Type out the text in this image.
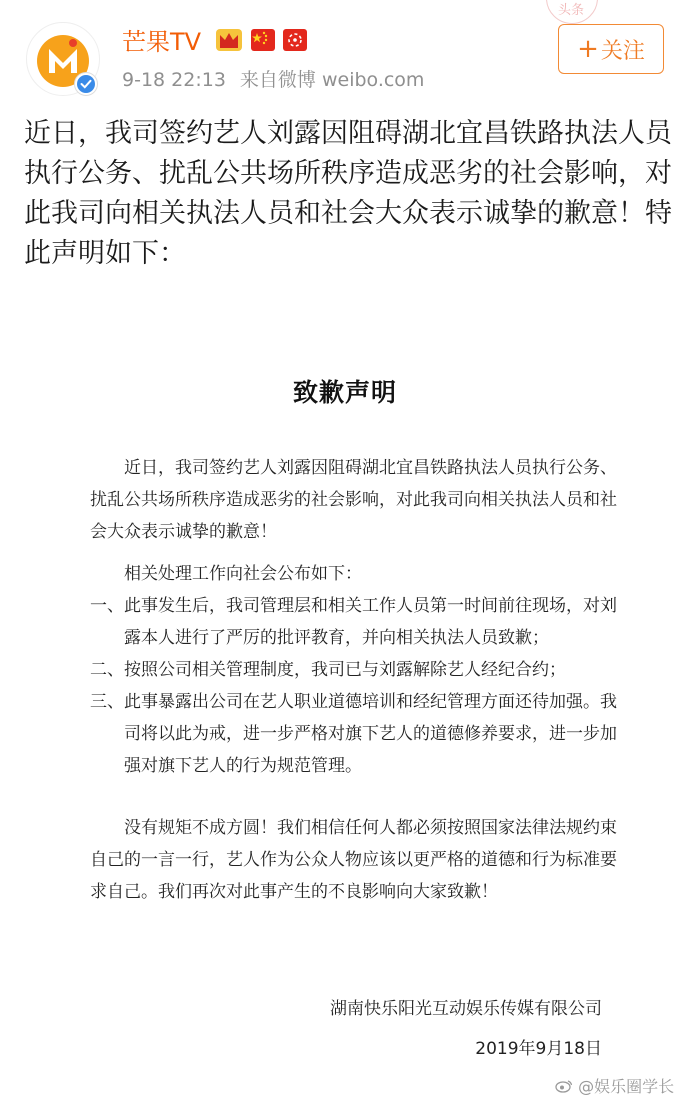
头条
芒果TV
9-18 22:13 来自微博 weibo.com
+ 关注
近日，我司签约艺人刘露因阻碍湖北宜昌铁路执法人员执行公务、扰乱公共场所秩序造成恶劣的社会影响，对此我司向相关执法人员和社会大众表示诚挚的歉意！特此声明如下：
致歉声明

近日，我司签约艺人刘露因阻碍湖北宜昌铁路执法人员执行公务、扰乱公共场所秩序造成恶劣的社会影响，对此我司向相关执法人员和社会大众表示诚挚的歉意！

相关处理工作向社会公布如下：

一、 此事发生后，我司管理层和相关工作人员第一时间前往现场，对刘露本人进行了严厉的批评教育，并向相关执法人员致歉；
二、 按照公司相关管理制度，我司已与刘露解除艺人经纪合约；
三、 此事暴露出公司在艺人职业道德培训和经纪管理方面还待加强。我司将以此为戒，进一步严格对旗下艺人的道德修养要求，进一步加强对旗下艺人的行为规范管理。

没有规矩不成方圆！我们相信任何人都必须按照国家法律法规约束自己的一言一行，艺人作为公众人物应该以更严格的道德和行为标准要求自己。我们再次对此事产生的不良影响向大家致歉！

湖南快乐阳光互动娱乐传媒有限公司
2019年9月18日
@娱乐圈学长
